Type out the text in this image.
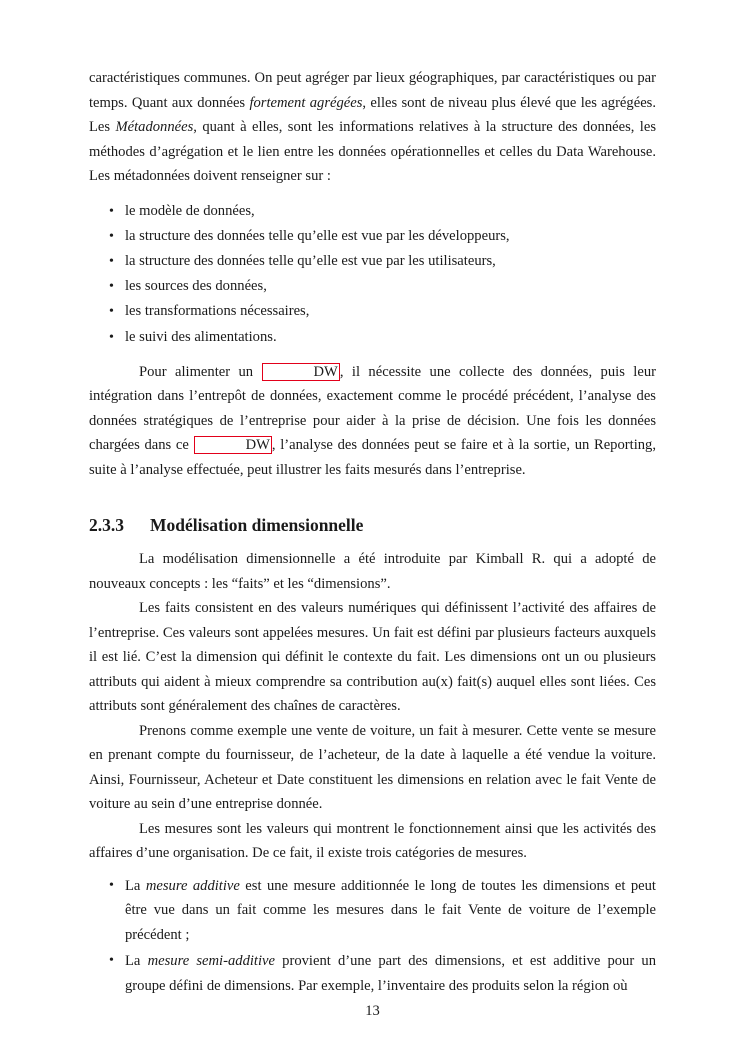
caractéristiques communes. On peut agréger par lieux géographiques, par caractéristiques ou par temps. Quant aux données fortement agrégées, elles sont de niveau plus élevé que les agrégées. Les Métadonnées, quant à elles, sont les informations relatives à la structure des données, les méthodes d’agrégation et le lien entre les données opérationnelles et celles du Data Warehouse. Les métadonnées doivent renseigner sur :

• le modèle de données,
• la structure des données telle qu’elle est vue par les développeurs,
• la structure des données telle qu’elle est vue par les utilisateurs,
• les sources des données,
• les transformations nécessaires,
• le suivi des alimentations.

Pour alimenter un	DW , il nécessite une collecte des données, puis leur intégration dans l’entrepôt de données, exactement comme le procédé précédent, l’analyse des données stratégiques de l’entreprise pour aider à la prise de décision. Une fois les données chargées dans ce	DW , l’analyse des données peut se faire et à la sortie, un Reporting, suite à l’analyse effectuée, peut illustrer les faits mesurés dans l’entreprise.

2.3.3 Modélisation dimensionnelle

La modélisation dimensionnelle a été introduite par Kimball R. qui a adopté de nouveaux concepts : les “faits” et les “dimensions”.

Les faits consistent en des valeurs numériques qui définissent l’activité des affaires de l’entreprise. Ces valeurs sont appelées mesures. Un fait est défini par plusieurs facteurs auxquels il est lié. C’est la dimension qui définit le contexte du fait. Les dimensions ont un ou plusieurs attributs qui aident à mieux comprendre sa contribution au(x) fait(s) auquel elles sont liées. Ces attributs sont généralement des chaînes de caractères.

Prenons comme exemple une vente de voiture, un fait à mesurer. Cette vente se mesure en prenant compte du fournisseur, de l’acheteur, de la date à laquelle a été vendue la voiture. Ainsi, Fournisseur, Acheteur et Date constituent les dimensions en relation avec le fait Vente de voiture au sein d’une entreprise donnée.

Les mesures sont les valeurs qui montrent le fonctionnement ainsi que les activités des affaires d’une organisation. De ce fait, il existe trois catégories de mesures.

• La mesure additive est une mesure additionnée le long de toutes les dimensions et peut être vue dans un fait comme les mesures dans le fait Vente de voiture de l’exemple précédent ;
• La mesure semi-additive provient d’une part des dimensions, et est additive pour un groupe défini de dimensions. Par exemple, l’inventaire des produits selon la région où
13
